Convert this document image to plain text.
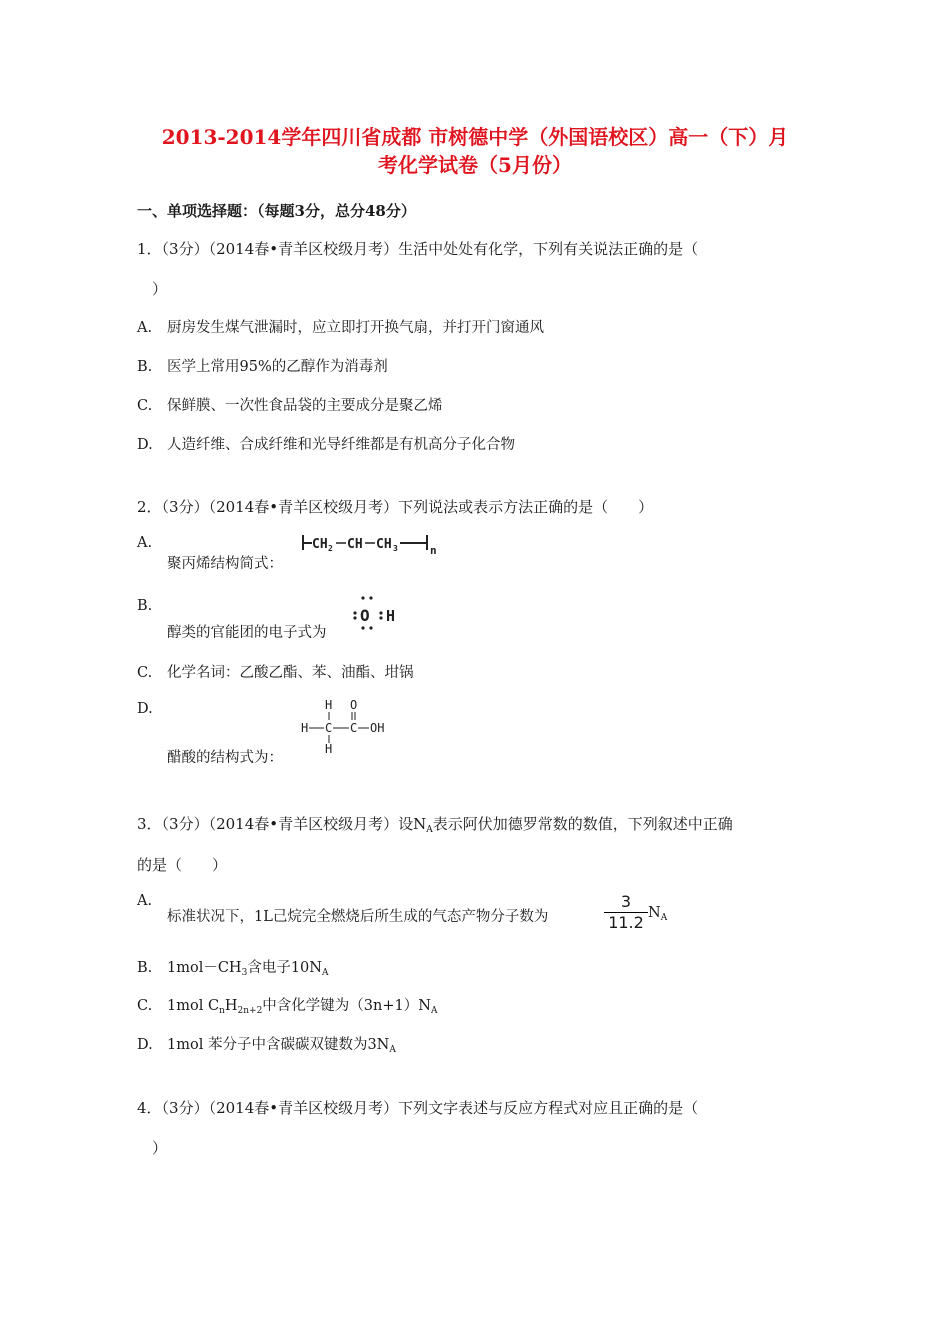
2013-2014学年四川省成都 市树德中学（外国语校区）高一（下）月
考化学试卷（5月份）
一、单项选择题：（每题3分，总分48分）
1．（3分）（2014春•青羊区校级月考）生活中处处有化学，下列有关说法正确的是（
）
A. 厨房发生煤气泄漏时，应立即打开换气扇，并打开门窗通风
B. 医学上常用95%的乙醇作为消毒剂
C. 保鲜膜、一次性食品袋的主要成分是聚乙烯
D. 人造纤维、合成纤维和光导纤维都是有机高分子化合物
2．（3分）（2014春•青羊区校级月考）下列说法或表示方法正确的是（　　）
A.
聚丙烯结构简式：
CH 2 CH CH 3	n
B.
醇类的官能团的电子式为
O H
C. 化学名词：乙酸乙酯、苯、油酯、坩锅
D.
醋酸的结构式为：
H
H
H C C
O
OH
3．（3分）（2014春•青羊区校级月考）设$N_A$表示阿伏加德罗常数的数值，下列叙述中正确
的是（　　）
A.
标准状况下，1L己烷完全燃烧后所生成的气态产物分子数为
3
11.2 $N_A$
B. $1mol-CH_3$含电子$10N_A$
C. 1mol $C_nH_{2n+2}$中含化学键为$(3n+1)N_A$
D. 1mol 苯分子中含碳碳双键数为$3N_A$
4．（3分）（2014春•青羊区校级月考）下列文字表述与反应方程式对应且正确的是（
）
